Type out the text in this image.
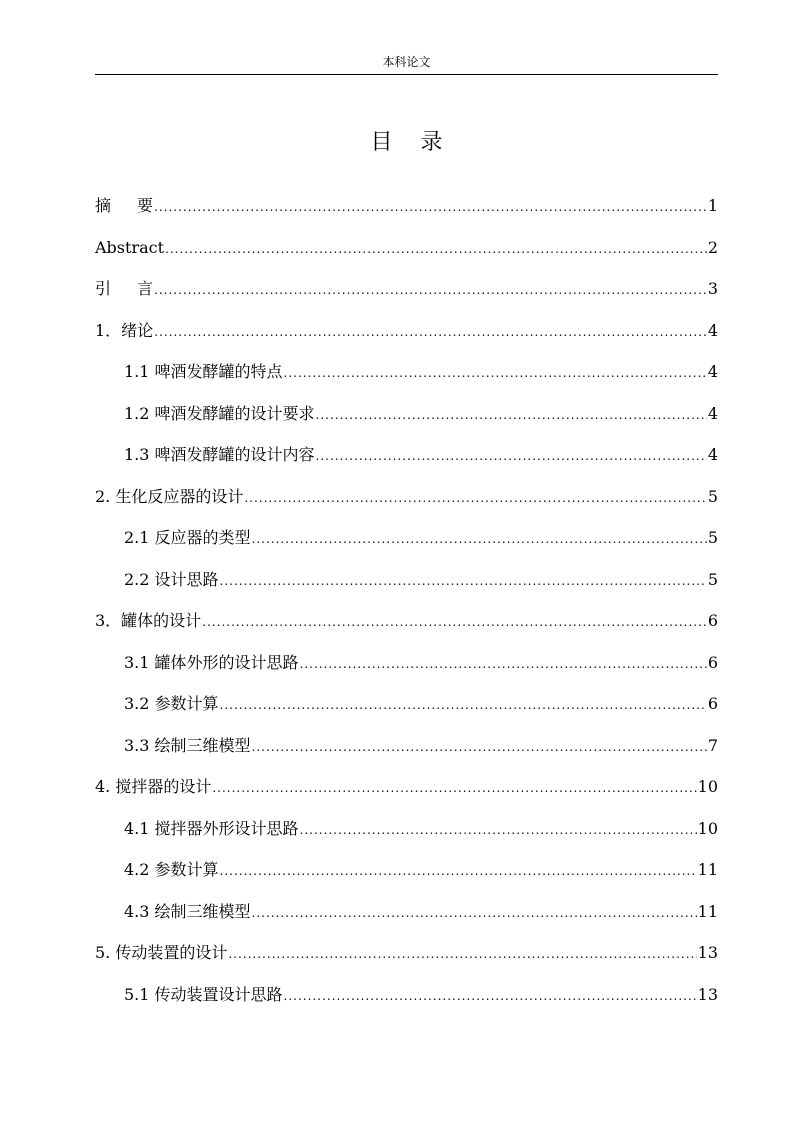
本科论文
目 录
摘 要 .....	1
Abstract .....	2
引 言 .....	3
1．绪论 .....	4
1.1 啤酒发酵罐的特点 .....	4
1.2 啤酒发酵罐的设计要求 .....	4
1.3 啤酒发酵罐的设计内容 .....	4
2. 生化反应器的设计 .....	5
2.1 反应器的类型 .....	5
2.2 设计思路 .....	5
3．罐体的设计 .....	6
3.1 罐体外形的设计思路 .....	6
3.2 参数计算 .....	6
3.3 绘制三维模型 .....	7
4. 搅拌器的设计 .....	10
4.1 搅拌器外形设计思路 .....	10
4.2 参数计算 .....	11
4.3 绘制三维模型 .....	11
5. 传动装置的设计 .....	13
5.1 传动装置设计思路 .....	13
